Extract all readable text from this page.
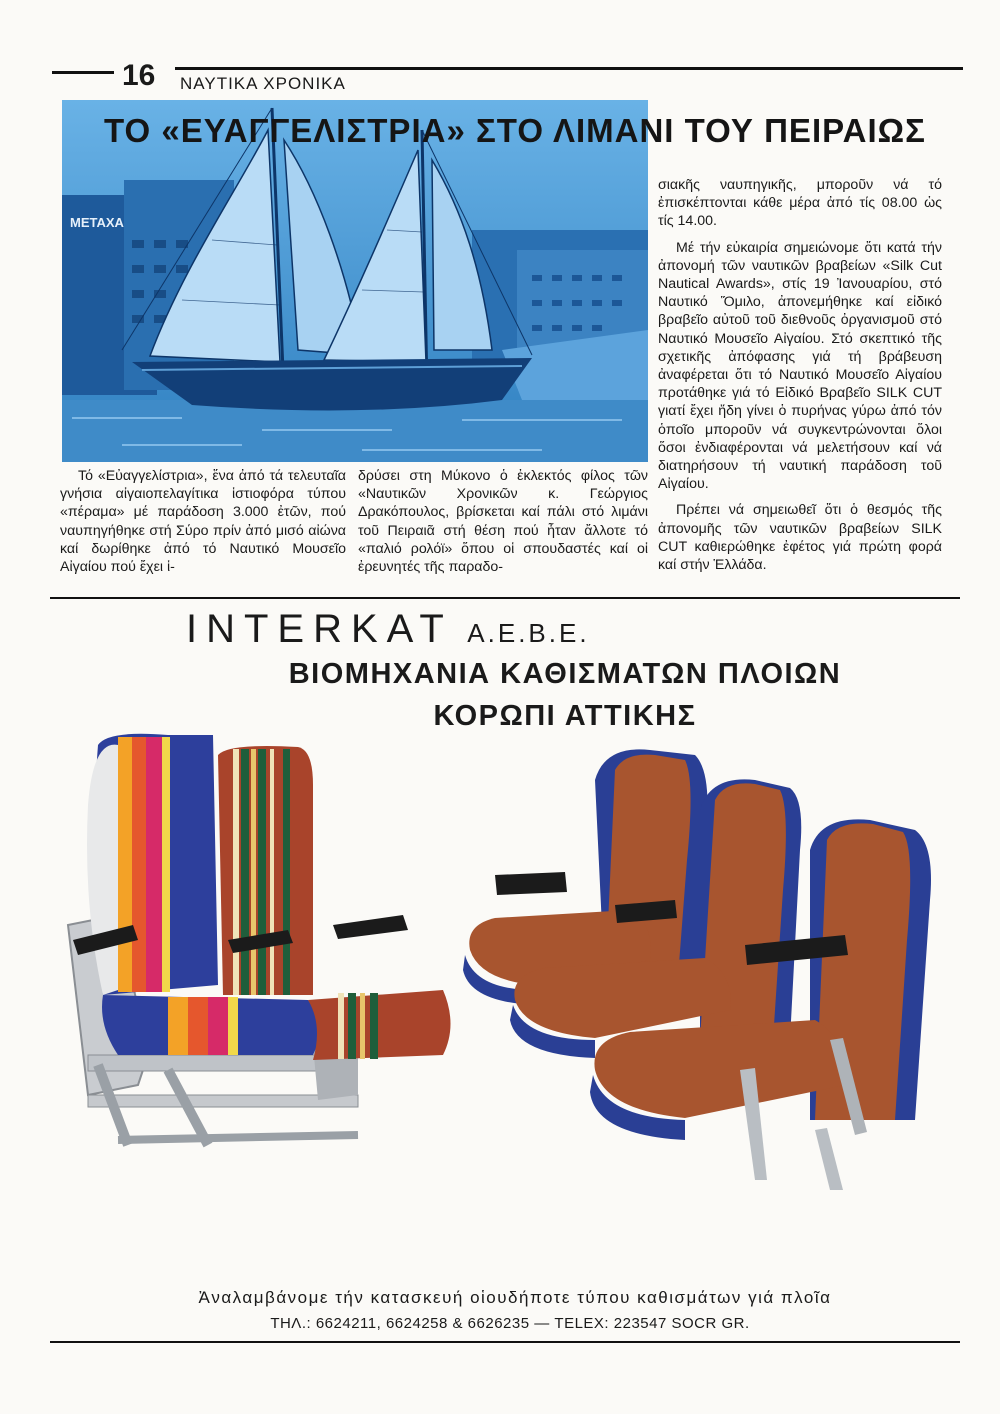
16 ΝΑΥΤΙΚΑ ΧΡΟΝΙΚΑ
ΜΕΤΑΧΑ
ΤΟ «ΕΥΑΓΓΕΛΙΣΤΡΙΑ» ΣΤΟ ΛΙΜΑΝΙ ΤΟΥ ΠΕΙΡΑΙΩΣ

Τό «Εὐαγγελίστρια», ἕνα ἀπό τά τελευταῖα γνήσια αἰγαιοπελαγίτικα ἱστιοφόρα τύπου «πέραμα» μέ παράδοση 3.000 ἐτῶν, πού ναυπηγήθηκε στή Σύρο πρίν ἀπό μισό αἰώνα καί δωρίθηκε ἀπό τό Ναυτικό Μουσεῖο Αἰγαίου πού ἔχει ἱ-

δρύσει στη Μύκονο ὁ ἐκλεκτός φίλος τῶν «Ναυτικῶν Χρονικῶν κ. Γεώργιος Δρακόπουλος, βρίσκεται καί πάλι στό λιμάνι τοῦ Πειραιᾶ στή θέση πού ἦταν ἄλλοτε τό «παλιό ρολόϊ» ὅπου οἱ σπουδαστές καί οἱ ἐρευνητές τῆς παραδο-

σιακῆς ναυπηγικῆς, μποροῦν νά τό ἐπισκέπτονται κάθε μέρα ἀπό τίς 08.00 ὡς τίς 14.00.

Μέ τήν εὐκαιρία σημειώνομε ὅτι κατά τήν ἀπονομή τῶν ναυτικῶν βραβείων «Silk Cut Nautical Awards», στίς 19 Ἰανουαρίου, στό Ναυτικό Ὅμιλο, ἀπονεμήθηκε καί εἰδικό βραβεῖο αὐτοῦ τοῦ διεθνοῦς ὀργανισμοῦ στό Ναυτικό Μουσεῖο Αἰγαίου. Στό σκεπτικό τῆς σχετικῆς ἀπόφασης γιά τή βράβευση ἀναφέρεται ὅτι τό Ναυτικό Μουσεῖο Αἰγαίου προτάθηκε γιά τό Εἰδικό Βραβεῖο SILK CUT γιατί ἔχει ἤδη γίνει ὁ πυρήνας γύρω ἀπό τόν ὁποῖο μποροῦν νά συγκεντρώνονται ὅλοι ὅσοι ἐνδιαφέρονται νά μελετήσουν καί νά διατηρήσουν τή ναυτική παράδοση τοῦ Αἰγαίου.

Πρέπει νά σημειωθεῖ ὅτι ὁ θεσμός τῆς ἀπονομῆς τῶν ναυτικῶν βραβείων SILK CUT καθιερώθηκε ἐφέτος γιά πρώτη φορά καί στήν Ἑλλάδα.

INTERKAT Α.Ε.Β.Ε.
ΒΙΟΜΗΧΑΝΙΑ ΚΑΘΙΣΜΑΤΩΝ ΠΛΟΙΩΝ
ΚΟΡΩΠΙ ΑΤΤΙΚΗΣ
Ἀναλαμβάνομε τήν κατασκευή οἱουδήποτε τύπου καθισμάτων γιά πλοῖα
ΤΗΛ.: 6624211, 6624258 & 6626235 — TELEX: 223547 SOCR GR.
